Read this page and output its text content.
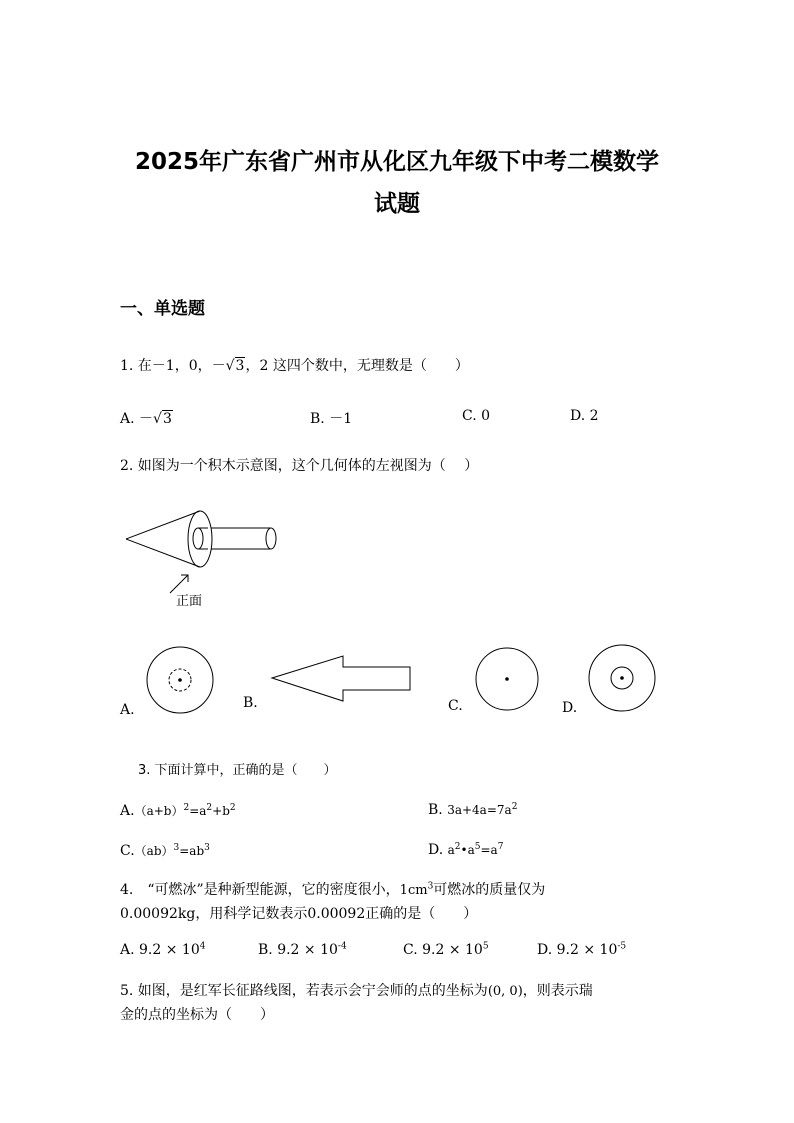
2025年广东省广州市从化区九年级下中考二模数学
试题
一、单选题
1. 在－1，0，－√3，2 这四个数中，无理数是（　　）
A. －√3	B. －1	C. 0	D. 2
2. 如图为一个积木示意图，这个几何体的左视图为（　 ）
正面
A.	B.	C.	D.
3. 下面计算中，正确的是（　　）
$A.(a+b)^2=a^2+b^2$	B. $3a+4a=7a^2$
$C.(ab)^3=ab^3$	D. $a^2•a^5=a^7$
4.　“可燃冰”是种新型能源，它的密度很小，$1cm^3$可燃冰的质量仅为
0.00092kg，用科学记数表示0.00092正确的是（　　）
A. $9.2 \times 10^4$	B. $9.2 \times 10^{-4}$	C. $9.2 \times 10^5$	D. $9.2 \times 10^{-5}$
5. 如图，是红军长征路线图，若表示会宁会师的点的坐标为(0, 0)，则表示瑞
金的点的坐标为（　　）
